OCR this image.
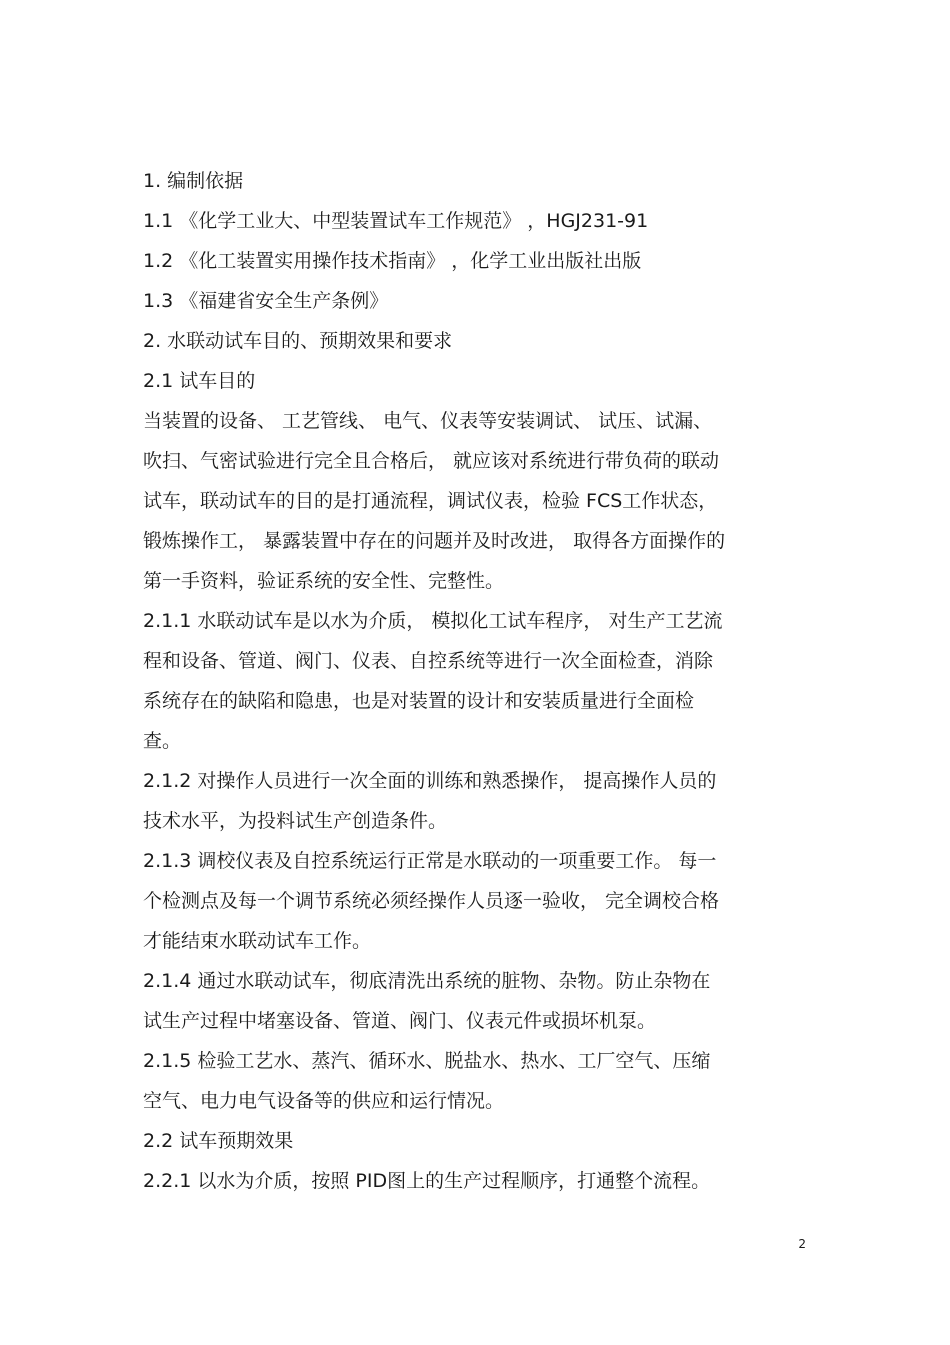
1. 编制依据
1.1 《化学工业大、中型装置试车工作规范》 ，HGJ231-91
1.2 《化工装置实用操作技术指南》 ，化学工业出版社出版
1.3 《福建省安全生产条例》
2. 水联动试车目的、预期效果和要求
2.1 试车目的
当装置的设备、 工艺管线、 电气、仪表等安装调试、 试压、试漏、
吹扫、气密试验进行完全且合格后， 就应该对系统进行带负荷的联动
试车，联动试车的目的是打通流程，调试仪表，检验 FCS工作状态，
锻炼操作工， 暴露装置中存在的问题并及时改进， 取得各方面操作的
第一手资料，验证系统的安全性、完整性。
2.1.1 水联动试车是以水为介质， 模拟化工试车程序， 对生产工艺流
程和设备、管道、阀门、仪表、自控系统等进行一次全面检查，消除
系统存在的缺陷和隐患，也是对装置的设计和安装质量进行全面检
查。
2.1.2 对操作人员进行一次全面的训练和熟悉操作， 提高操作人员的
技术水平，为投料试生产创造条件。
2.1.3 调校仪表及自控系统运行正常是水联动的一项重要工作。 每一
个检测点及每一个调节系统必须经操作人员逐一验收， 完全调校合格
才能结束水联动试车工作。
2.1.4 通过水联动试车，彻底清洗出系统的脏物、杂物。防止杂物在
试生产过程中堵塞设备、管道、阀门、仪表元件或损坏机泵。
2.1.5 检验工艺水、蒸汽、循环水、脱盐水、热水、工厂空气、压缩
空气、电力电气设备等的供应和运行情况。
2.2 试车预期效果
2.2.1 以水为介质，按照 PID图上的生产过程顺序，打通整个流程。
2
